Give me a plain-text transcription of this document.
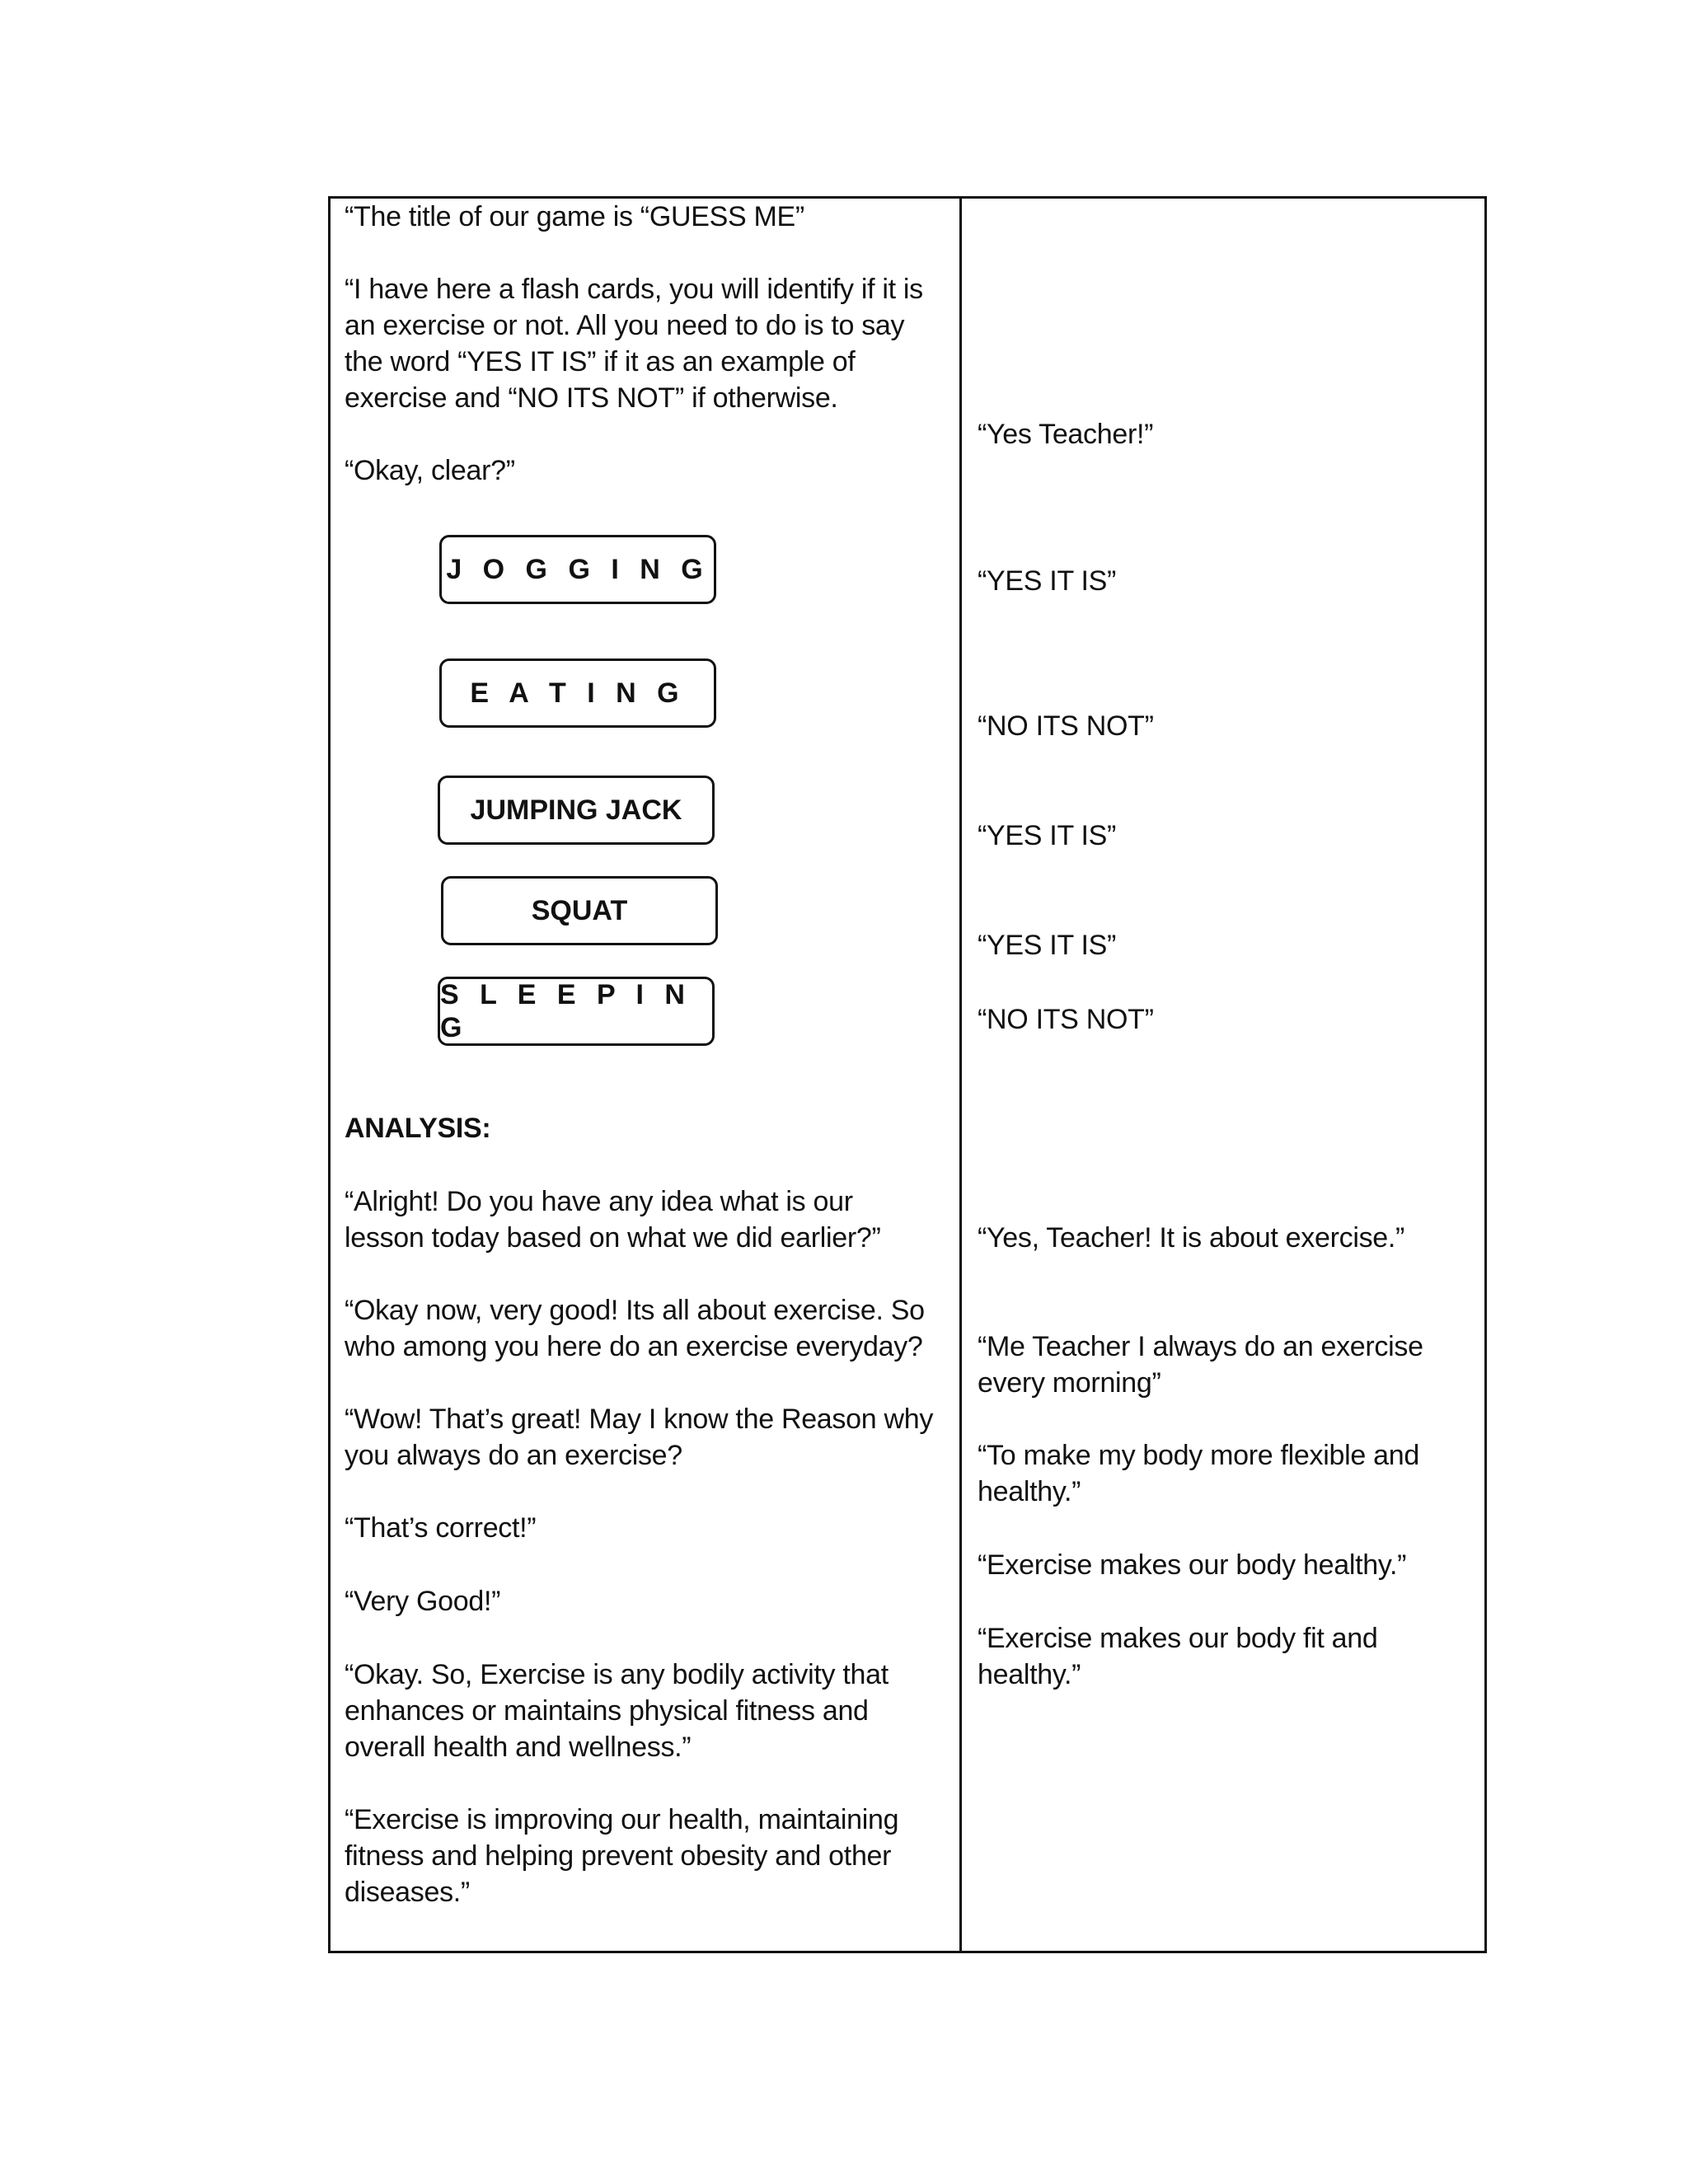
“The title of our game is “GUESS ME”
“I have here a flash cards, you will identify if it is
an exercise or not. All you need to do is to say
the word “YES IT IS” if it as an example of
exercise and “NO ITS NOT” if otherwise.
“Okay, clear?”
J O G G I N G
E A T I N G
JUMPING JACK
SQUAT
S L E E P I N G
ANALYSIS:
“Alright! Do you have any idea what is our
lesson today based on what we did earlier?”
“Okay now, very good! Its all about exercise. So
who among you here do an exercise everyday?
“Wow! That’s great! May I know the Reason why
you always do an exercise?
“That’s correct!”
“Very Good!”
“Okay. So, Exercise is any bodily activity that
enhances or maintains physical fitness and
overall health and wellness.”
“Exercise is improving our health, maintaining
fitness and helping prevent obesity and other
diseases.”
“Yes Teacher!”
“YES IT IS”
“NO ITS NOT”
“YES IT IS”
“YES IT IS”
“NO ITS NOT”
“Yes, Teacher! It is about exercise.”
“Me Teacher I always do an exercise
every morning”
“To make my body more flexible and
healthy.”
“Exercise makes our body healthy.”
“Exercise makes our body fit and
healthy.”
